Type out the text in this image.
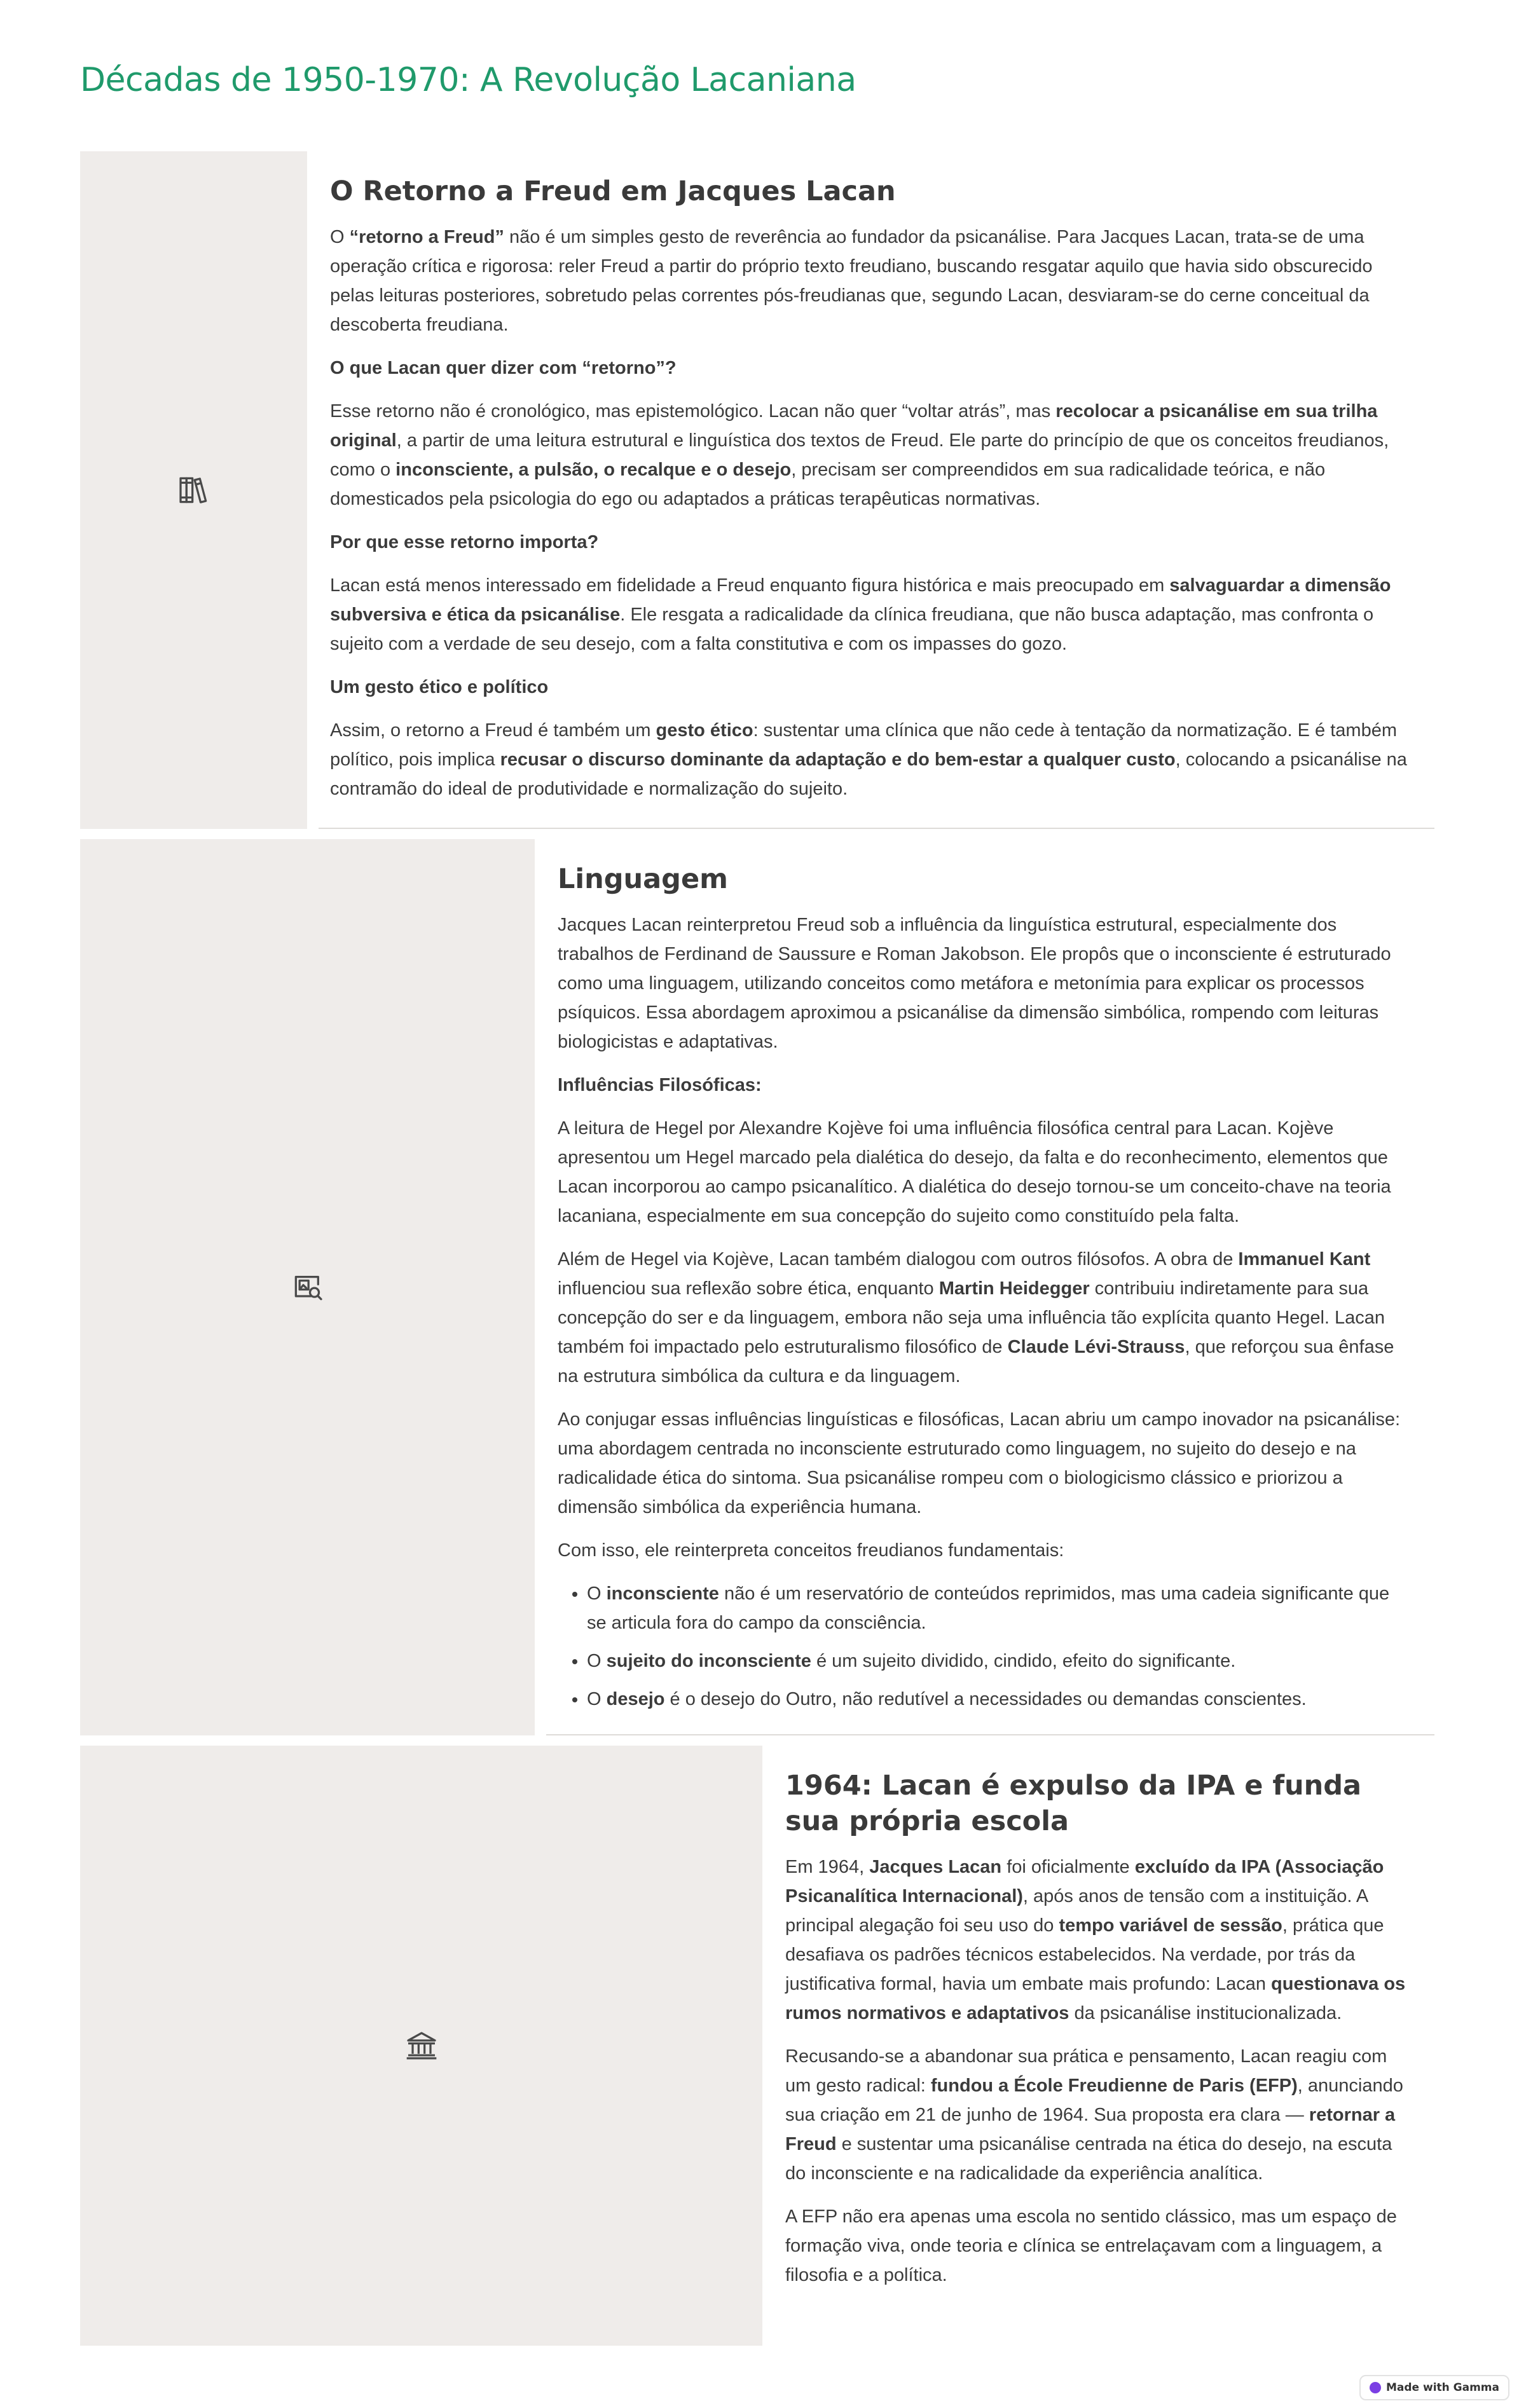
Décadas de 1950-1970: A Revolução Lacaniana
O Retorno a Freud em Jacques Lacan

O “retorno a Freud” não é um simples gesto de reverência ao fundador da psicanálise. Para Jacques Lacan, trata-se de uma operação crítica e rigorosa: reler Freud a partir do próprio texto freudiano, buscando resgatar aquilo que havia sido obscurecido pelas leituras posteriores, sobretudo pelas correntes pós-freudianas que, segundo Lacan, desviaram-se do cerne conceitual da descoberta freudiana.

O que Lacan quer dizer com “retorno”?

Esse retorno não é cronológico, mas epistemológico. Lacan não quer “voltar atrás”, mas recolocar a psicanálise em sua trilha original, a partir de uma leitura estrutural e linguística dos textos de Freud. Ele parte do princípio de que os conceitos freudianos, como o inconsciente, a pulsão, o recalque e o desejo, precisam ser compreendidos em sua radicalidade teórica, e não domesticados pela psicologia do ego ou adaptados a práticas terapêuticas normativas.

Por que esse retorno importa?

Lacan está menos interessado em fidelidade a Freud enquanto figura histórica e mais preocupado em salvaguardar a dimensão subversiva e ética da psicanálise. Ele resgata a radicalidade da clínica freudiana, que não busca adaptação, mas confronta o sujeito com a verdade de seu desejo, com a falta constitutiva e com os impasses do gozo.

Um gesto ético e político

Assim, o retorno a Freud é também um gesto ético: sustentar uma clínica que não cede à tentação da normatização. E é também político, pois implica recusar o discurso dominante da adaptação e do bem-estar a qualquer custo, colocando a psicanálise na contramão do ideal de produtividade e normalização do sujeito.

Linguagem

Jacques Lacan reinterpretou Freud sob a influência da linguística estrutural, especialmente dos trabalhos de Ferdinand de Saussure e Roman Jakobson. Ele propôs que o inconsciente é estruturado como uma linguagem, utilizando conceitos como metáfora e metonímia para explicar os processos psíquicos. Essa abordagem aproximou a psicanálise da dimensão simbólica, rompendo com leituras biologicistas e adaptativas.

Influências Filosóficas:

A leitura de Hegel por Alexandre Kojève foi uma influência filosófica central para Lacan. Kojève apresentou um Hegel marcado pela dialética do desejo, da falta e do reconhecimento, elementos que Lacan incorporou ao campo psicanalítico. A dialética do desejo tornou-se um conceito-chave na teoria lacaniana, especialmente em sua concepção do sujeito como constituído pela falta.

Além de Hegel via Kojève, Lacan também dialogou com outros filósofos. A obra de Immanuel Kant influenciou sua reflexão sobre ética, enquanto Martin Heidegger contribuiu indiretamente para sua concepção do ser e da linguagem, embora não seja uma influência tão explícita quanto Hegel. Lacan também foi impactado pelo estruturalismo filosófico de Claude Lévi-Strauss, que reforçou sua ênfase na estrutura simbólica da cultura e da linguagem.

Ao conjugar essas influências linguísticas e filosóficas, Lacan abriu um campo inovador na psicanálise: uma abordagem centrada no inconsciente estruturado como linguagem, no sujeito do desejo e na radicalidade ética do sintoma. Sua psicanálise rompeu com o biologicismo clássico e priorizou a dimensão simbólica da experiência humana.

Com isso, ele reinterpreta conceitos freudianos fundamentais:

• O inconsciente não é um reservatório de conteúdos reprimidos, mas uma cadeia significante que se articula fora do campo da consciência.
• O sujeito do inconsciente é um sujeito dividido, cindido, efeito do significante.
• O desejo é o desejo do Outro, não redutível a necessidades ou demandas conscientes.
1964: Lacan é expulso da IPA e funda sua própria escola

Em 1964, Jacques Lacan foi oficialmente excluído da IPA (Associação Psicanalítica Internacional), após anos de tensão com a instituição. A principal alegação foi seu uso do tempo variável de sessão, prática que desafiava os padrões técnicos estabelecidos. Na verdade, por trás da justificativa formal, havia um embate mais profundo: Lacan questionava os rumos normativos e adaptativos da psicanálise institucionalizada.

Recusando-se a abandonar sua prática e pensamento, Lacan reagiu com um gesto radical: fundou a École Freudienne de Paris (EFP), anunciando sua criação em 21 de junho de 1964. Sua proposta era clara — retornar a Freud e sustentar uma psicanálise centrada na ética do desejo, na escuta do inconsciente e na radicalidade da experiência analítica.

A EFP não era apenas uma escola no sentido clássico, mas um espaço de formação viva, onde teoria e clínica se entrelaçavam com a linguagem, a filosofia e a política.

Made with Gamma
